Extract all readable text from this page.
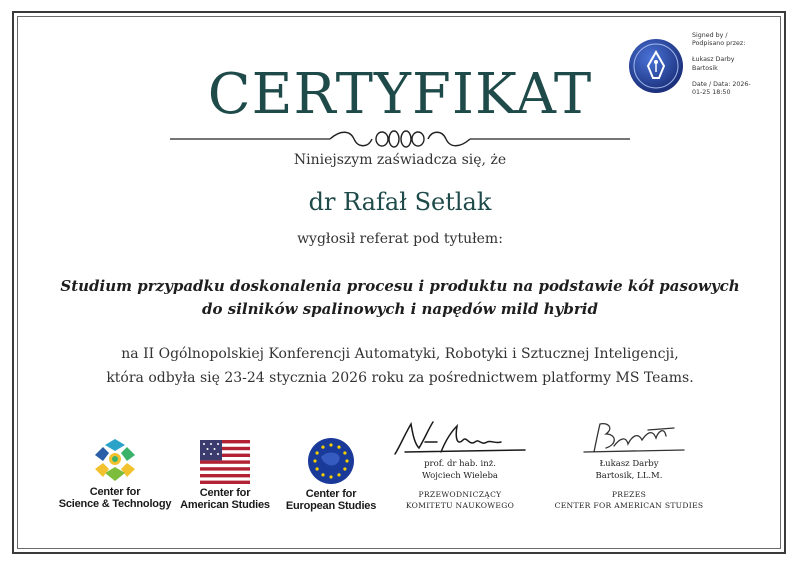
Signed by /
Podpisano przez:
Łukasz Darby
Bartosik
Date / Data: 2026-
01-25 18:50
CERTYFIKAT
Niniejszym zaświadcza się, że
dr Rafał Setlak
wygłosił referat pod tytułem:
Studium przypadku doskonalenia procesu i produktu na podstawie kół pasowych
do silników spalinowych i napędów mild hybrid
na II Ogólnopolskiej Konferencji Automatyki, Robotyki i Sztucznej Inteligencji,
która odbyła się 23-24 stycznia 2026 roku za pośrednictwem platformy MS Teams.
Center for
Science & Technology
Center for
American Studies
Center for
European Studies
prof. dr hab. inż.
Wojciech Wieleba
PRZEWODNICZĄCY
KOMITETU NAUKOWEGO
Łukasz Darby
Bartosik, LL.M.
PREZES
CENTER FOR AMERICAN STUDIES
